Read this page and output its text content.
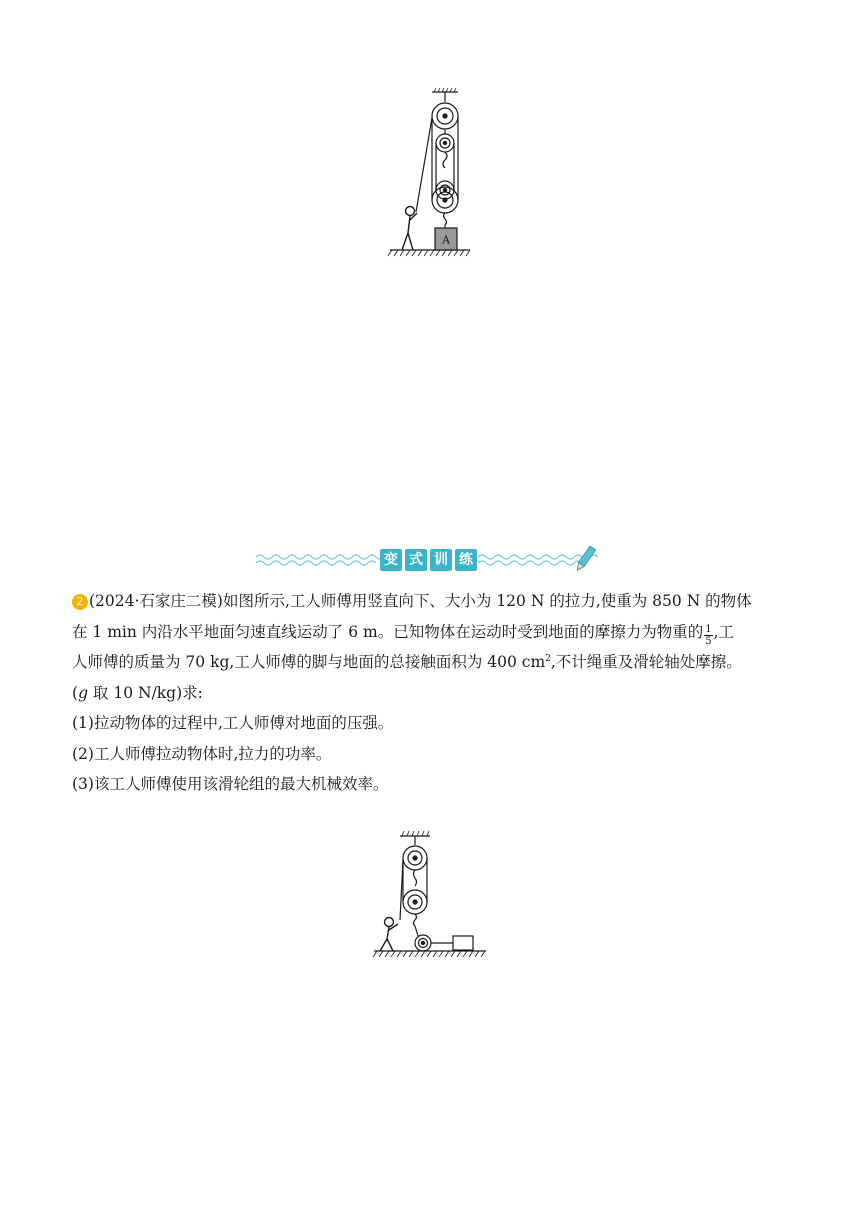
A
变 式 训 练

2 (2024·石家庄二模)如图所示,工人师傅用竖直向下、大小为 120 N 的拉力,使重为 850 N 的物体

在 1 min 内沿水平地面匀速直线运动了 6 m。已知物体在运动时受到地面的摩擦力为物重的 $\frac{1}{5}$ ,工

人师傅的质量为 70 kg,工人师傅的脚与地面的总接触面积为 400 $cm^2$,不计绳重及滑轮轴处摩擦。

(g 取 10 N/kg)求:

(1)拉动物体的过程中,工人师傅对地面的压强。

(2)工人师傅拉动物体时,拉力的功率。

(3)该工人师傅使用该滑轮组的最大机械效率。
